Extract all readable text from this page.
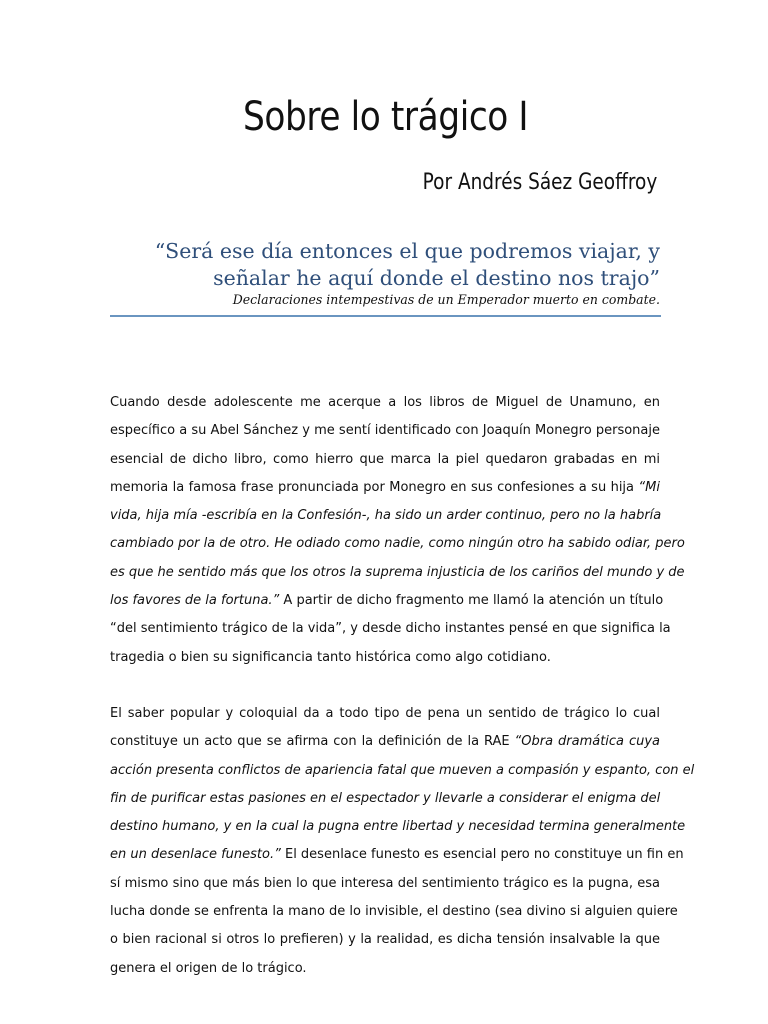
Sobre lo trágico I
Por Andrés Sáez Geoffroy
“Será ese día entonces el que podremos viajar, y
señalar he aquí donde el destino nos trajo”
Declaraciones intempestivas de un Emperador muerto en combate.
Cuando desde adolescente me acerque a los libros de Miguel de Unamuno, en
específico a su Abel Sánchez y me sentí identificado con Joaquín Monegro personaje
esencial de dicho libro, como hierro que marca la piel quedaron grabadas en mi
memoria la famosa frase pronunciada por Monegro en sus confesiones a su hija “Mi
vida, hija mía -escribía en la Confesión-, ha sido un arder continuo, pero no la habría
cambiado por la de otro. He odiado como nadie, como ningún otro ha sabido odiar, pero
es que he sentido más que los otros la suprema injusticia de los cariños del mundo y de
los favores de la fortuna.” A partir de dicho fragmento me llamó la atención un título
“del sentimiento trágico de la vida”, y desde dicho instantes pensé en que significa la
tragedia o bien su significancia tanto histórica como algo cotidiano.
El saber popular y coloquial da a todo tipo de pena un sentido de trágico lo cual
constituye un acto que se afirma con la definición de la RAE “Obra dramática cuya
acción presenta conflictos de apariencia fatal que mueven a compasión y espanto, con el
fin de purificar estas pasiones en el espectador y llevarle a considerar el enigma del
destino humano, y en la cual la pugna entre libertad y necesidad termina generalmente
en un desenlace funesto.” El desenlace funesto es esencial pero no constituye un fin en
sí mismo sino que más bien lo que interesa del sentimiento trágico es la pugna, esa
lucha donde se enfrenta la mano de lo invisible, el destino (sea divino si alguien quiere
o bien racional si otros lo prefieren) y la realidad, es dicha tensión insalvable la que
genera el origen de lo trágico.
